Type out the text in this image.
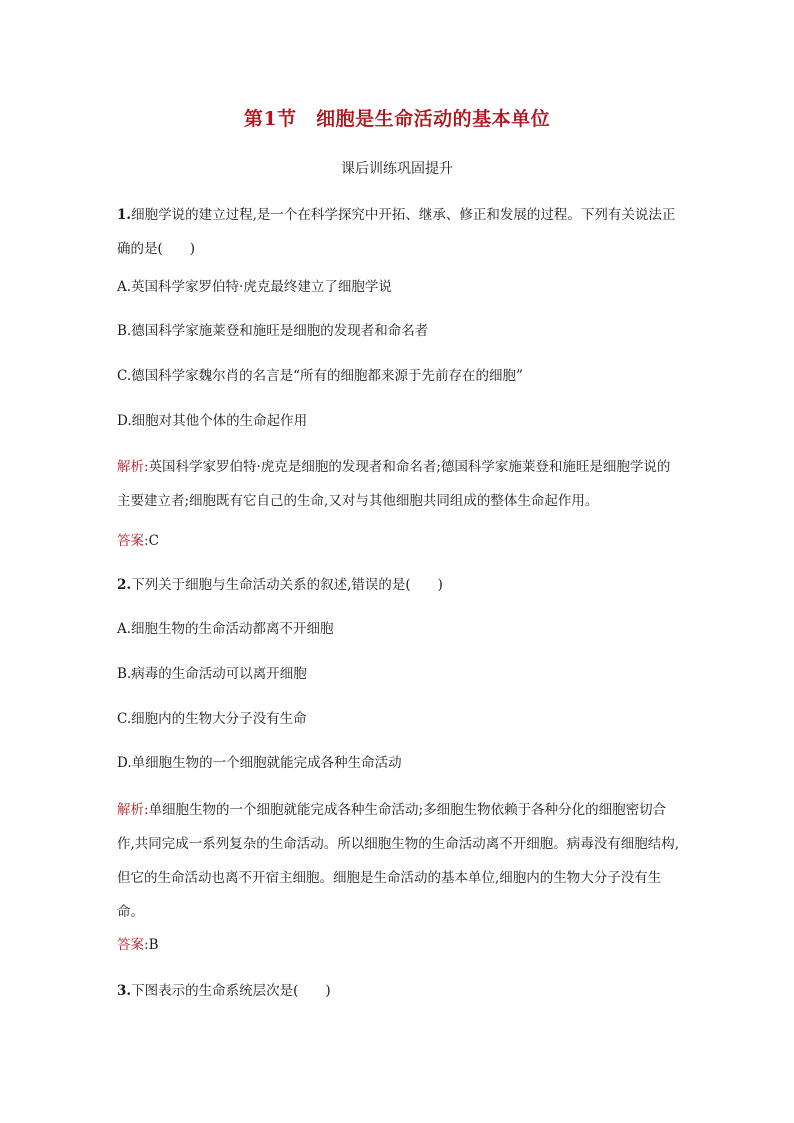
第1节　细胞是生命活动的基本单位
课后训练巩固提升
1.细胞学说的建立过程,是一个在科学探究中开拓、继承、修正和发展的过程。下列有关说法正确的是(　　)
A.英国科学家罗伯特·虎克最终建立了细胞学说
B.德国科学家施莱登和施旺是细胞的发现者和命名者
C.德国科学家魏尔肖的名言是“所有的细胞都来源于先前存在的细胞”
D.细胞对其他个体的生命起作用
解析:英国科学家罗伯特·虎克是细胞的发现者和命名者;德国科学家施莱登和施旺是细胞学说的主要建立者;细胞既有它自己的生命,又对与其他细胞共同组成的整体生命起作用。
答案:C
2.下列关于细胞与生命活动关系的叙述,错误的是(　　)
A.细胞生物的生命活动都离不开细胞
B.病毒的生命活动可以离开细胞
C.细胞内的生物大分子没有生命
D.单细胞生物的一个细胞就能完成各种生命活动
解析:单细胞生物的一个细胞就能完成各种生命活动;多细胞生物依赖于各种分化的细胞密切合作,共同完成一系列复杂的生命活动。所以细胞生物的生命活动离不开细胞。病毒没有细胞结构,但它的生命活动也离不开宿主细胞。细胞是生命活动的基本单位,细胞内的生物大分子没有生命。
答案:B
3.下图表示的生命系统层次是(　　)
